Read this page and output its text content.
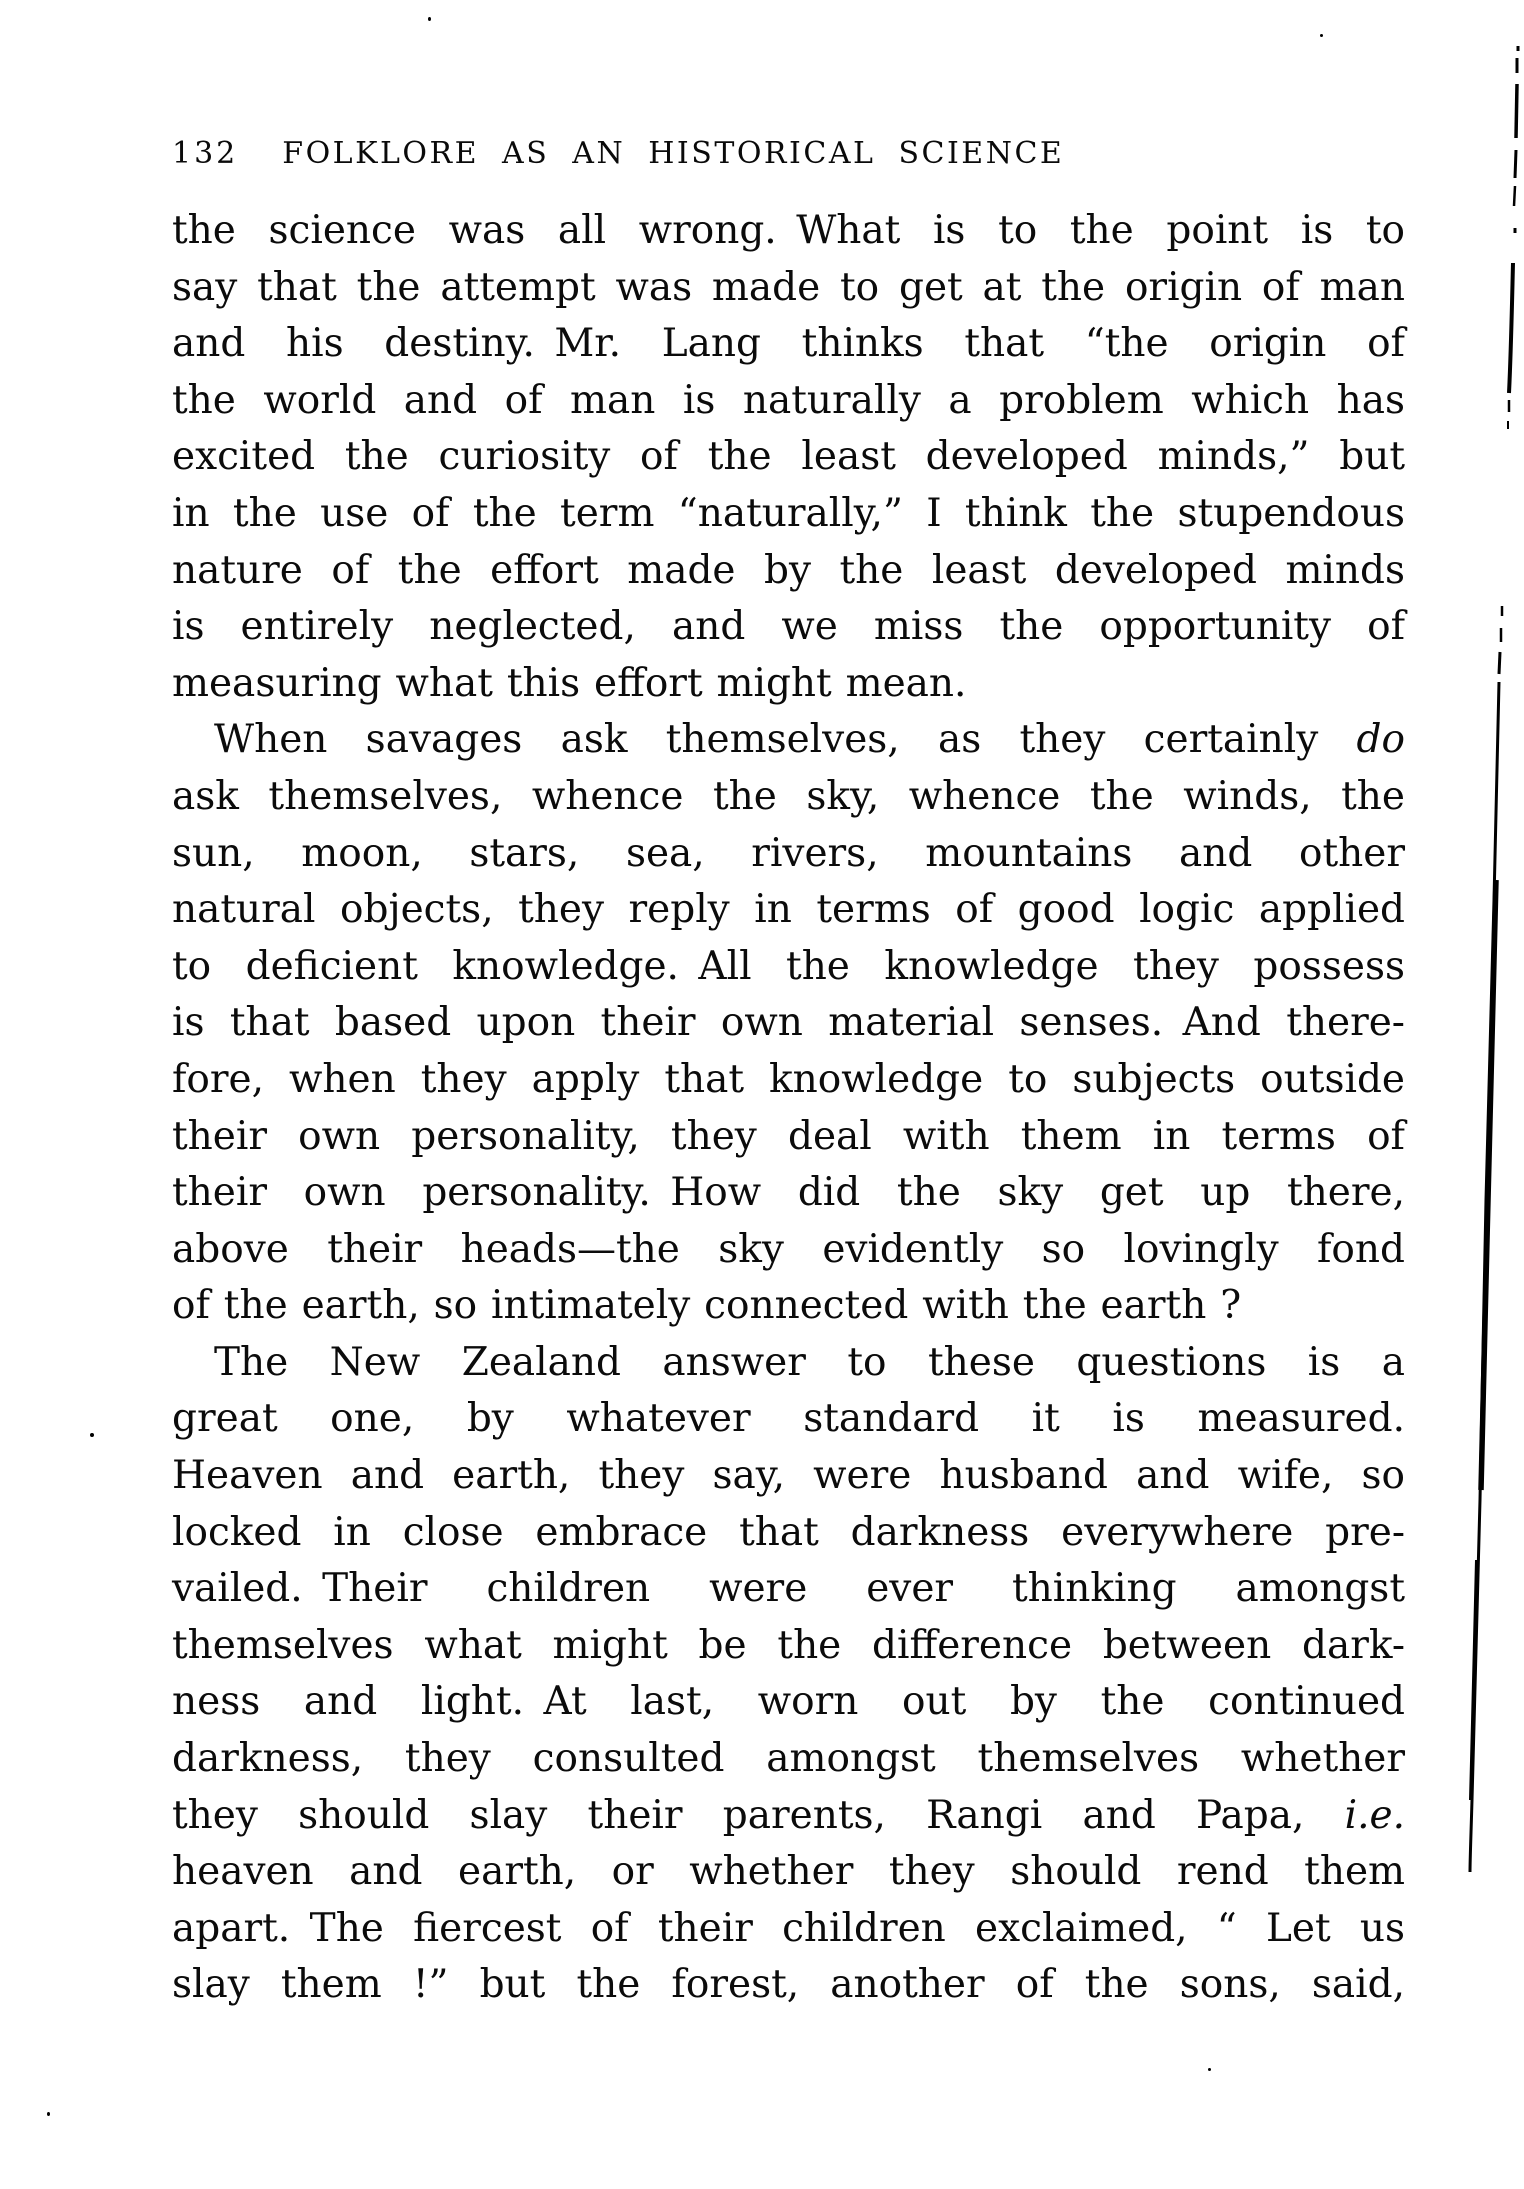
132 FOLKLORE AS AN HISTORICAL SCIENCE
the science was all wrong. What is to the point is to
say that the attempt was made to get at the origin of man
and his destiny. Mr. Lang thinks that “the origin of
the world and of man is naturally a problem which has
excited the curiosity of the least developed minds,” but
in the use of the term “naturally,” I think the stupendous
nature of the effort made by the least developed minds
is entirely neglected, and we miss the opportunity of
measuring what this effort might mean.
When savages ask themselves, as they certainly do
ask themselves, whence the sky, whence the winds, the
sun, moon, stars, sea, rivers, mountains and other
natural objects, they reply in terms of good logic applied
to deficient knowledge. All the knowledge they possess
is that based upon their own material senses. And there-
fore, when they apply that knowledge to subjects outside
their own personality, they deal with them in terms of
their own personality. How did the sky get up there,
above their heads—the sky evidently so lovingly fond
of the earth, so intimately connected with the earth ?
The New Zealand answer to these questions is a
great one, by whatever standard it is measured.
Heaven and earth, they say, were husband and wife, so
locked in close embrace that darkness everywhere pre-
vailed. Their children were ever thinking amongst
themselves what might be the difference between dark-
ness and light. At last, worn out by the continued
darkness, they consulted amongst themselves whether
they should slay their parents, Rangi and Papa, i.e.
heaven and earth, or whether they should rend them
apart. The fiercest of their children exclaimed, “ Let us
slay them !” but the forest, another of the sons, said,
